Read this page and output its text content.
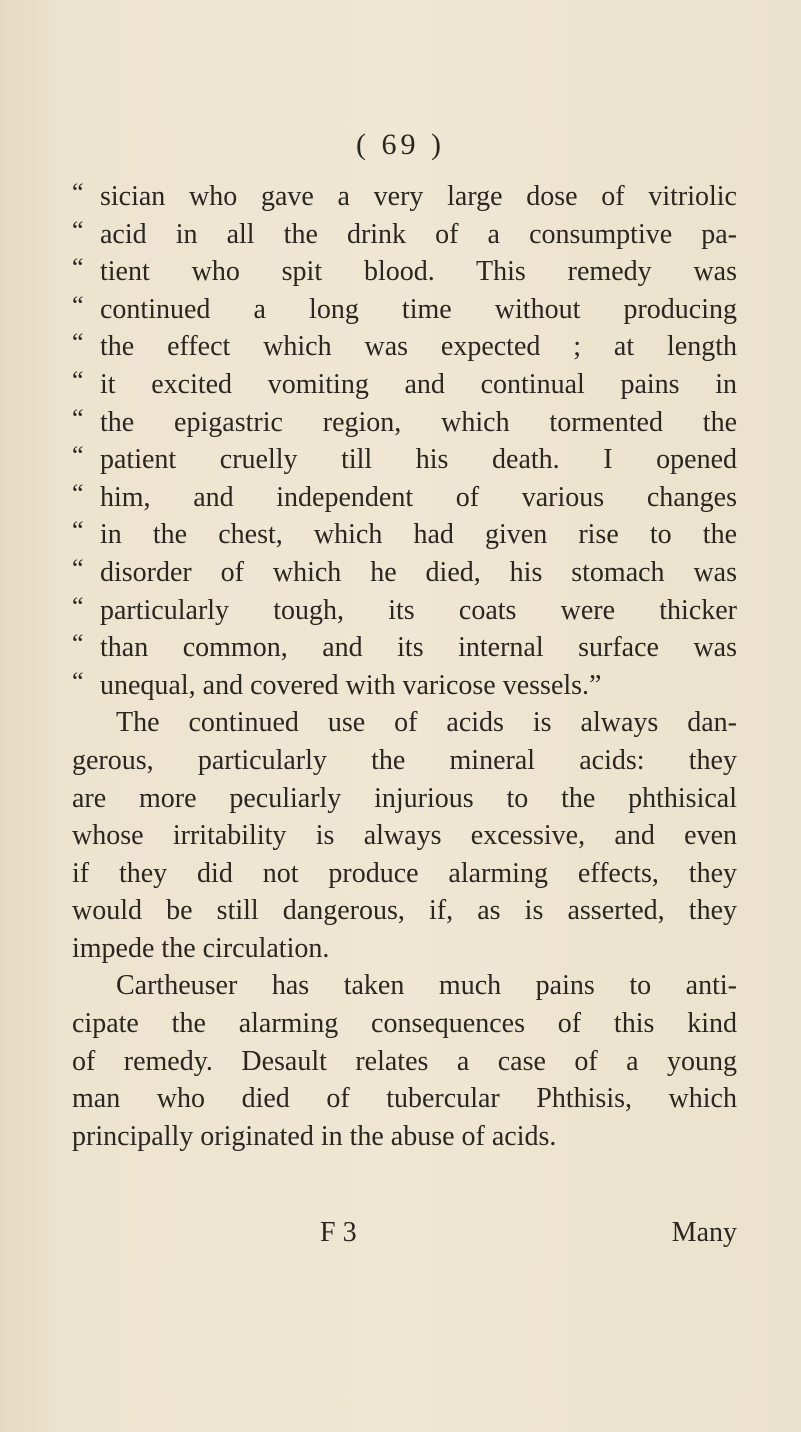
( 69 )
“ sician who gave a very large dose of vitriolic
“ acid in all the drink of a consumptive pa-
“ tient who spit blood. This remedy was
“ continued a long time without producing
“ the effect which was expected ; at length
“ it excited vomiting and continual pains in
“ the epigastric region, which tormented the
“ patient cruelly till his death. I opened
“ him, and independent of various changes
“ in the chest, which had given rise to the
“ disorder of which he died, his stomach was
“ particularly tough, its coats were thicker
“ than common, and its internal surface was
“ unequal, and covered with varicose vessels.”
The continued use of acids is always dan-
gerous, particularly the mineral acids: they
are more peculiarly injurious to the phthisical
whose irritability is always excessive, and even
if they did not produce alarming effects, they
would be still dangerous, if, as is asserted, they
impede the circulation.
Cartheuser has taken much pains to anti-
cipate the alarming consequences of this kind
of remedy. Desault relates a case of a young
man who died of tubercular Phthisis, which
principally originated in the abuse of acids.
F 3	Many
